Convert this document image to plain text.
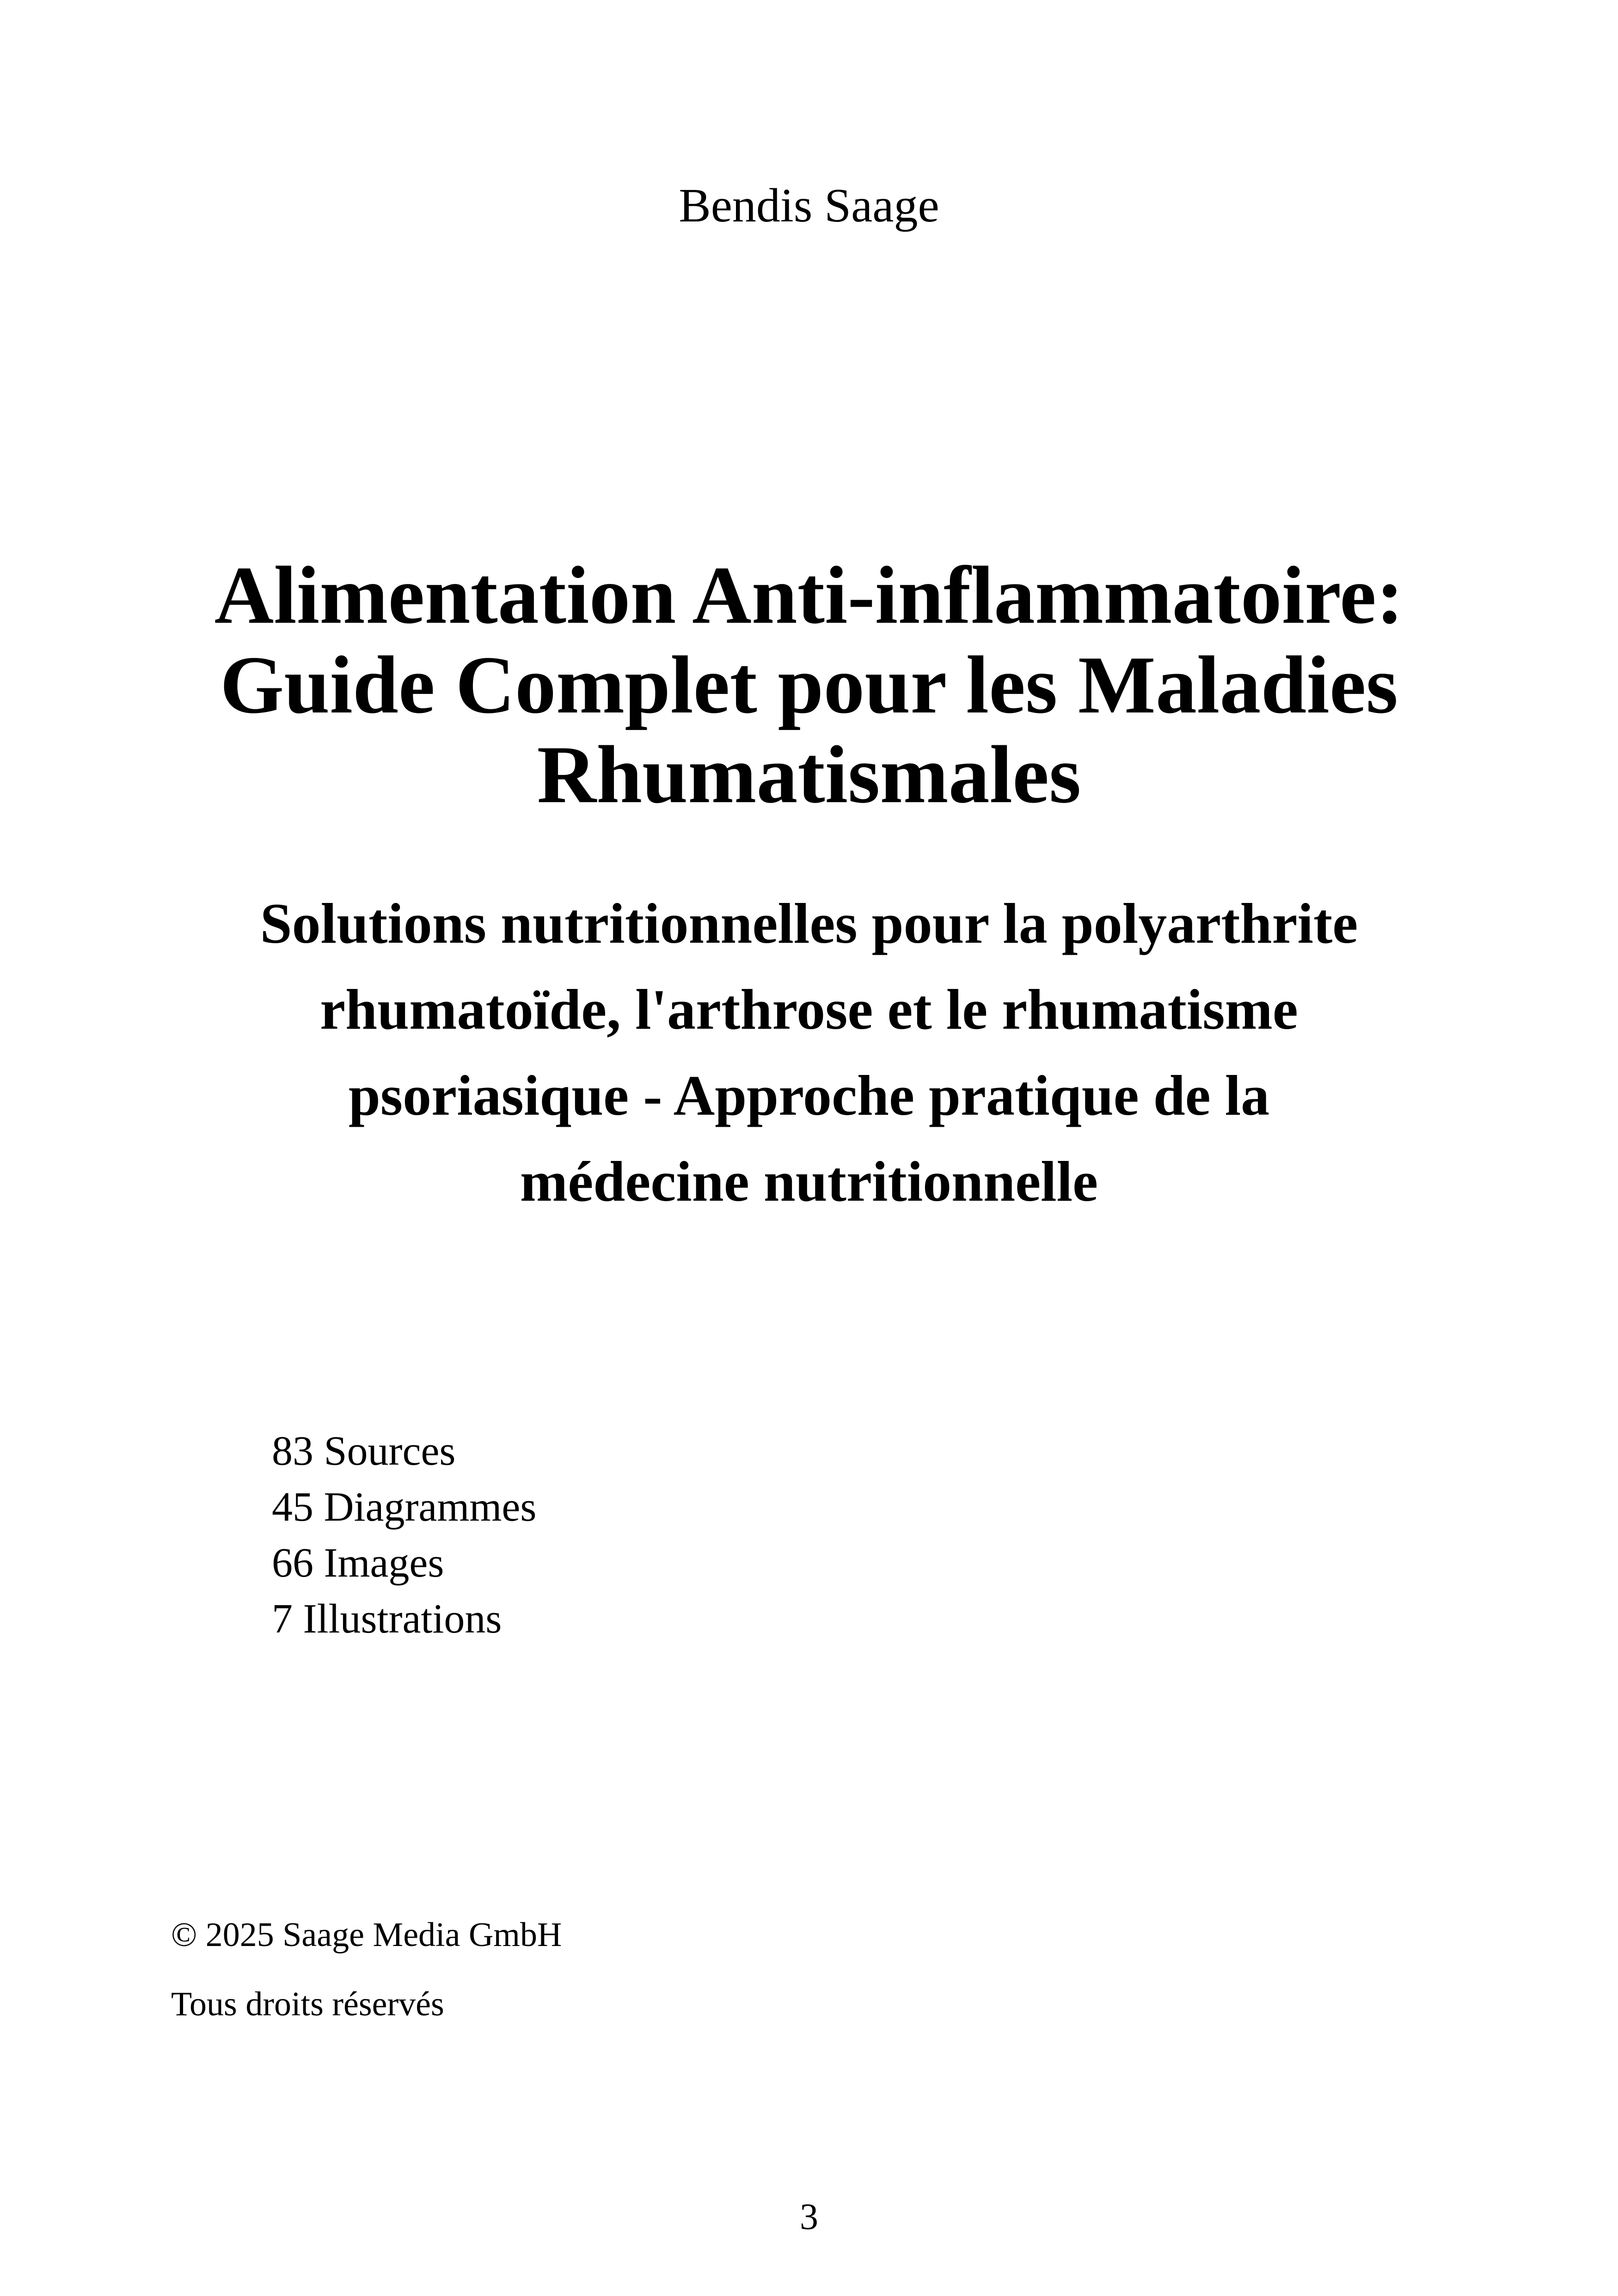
Bendis Saage
Alimentation Anti-inflammatoire:
Guide Complet pour les Maladies
Rhumatismales
Solutions nutritionnelles pour la polyarthrite
rhumatoïde, l'arthrose et le rhumatisme
psoriasique - Approche pratique de la
médecine nutritionnelle
83 Sources
45 Diagrammes
66 Images
7 Illustrations
© 2025 Saage Media GmbH
Tous droits réservés
3
